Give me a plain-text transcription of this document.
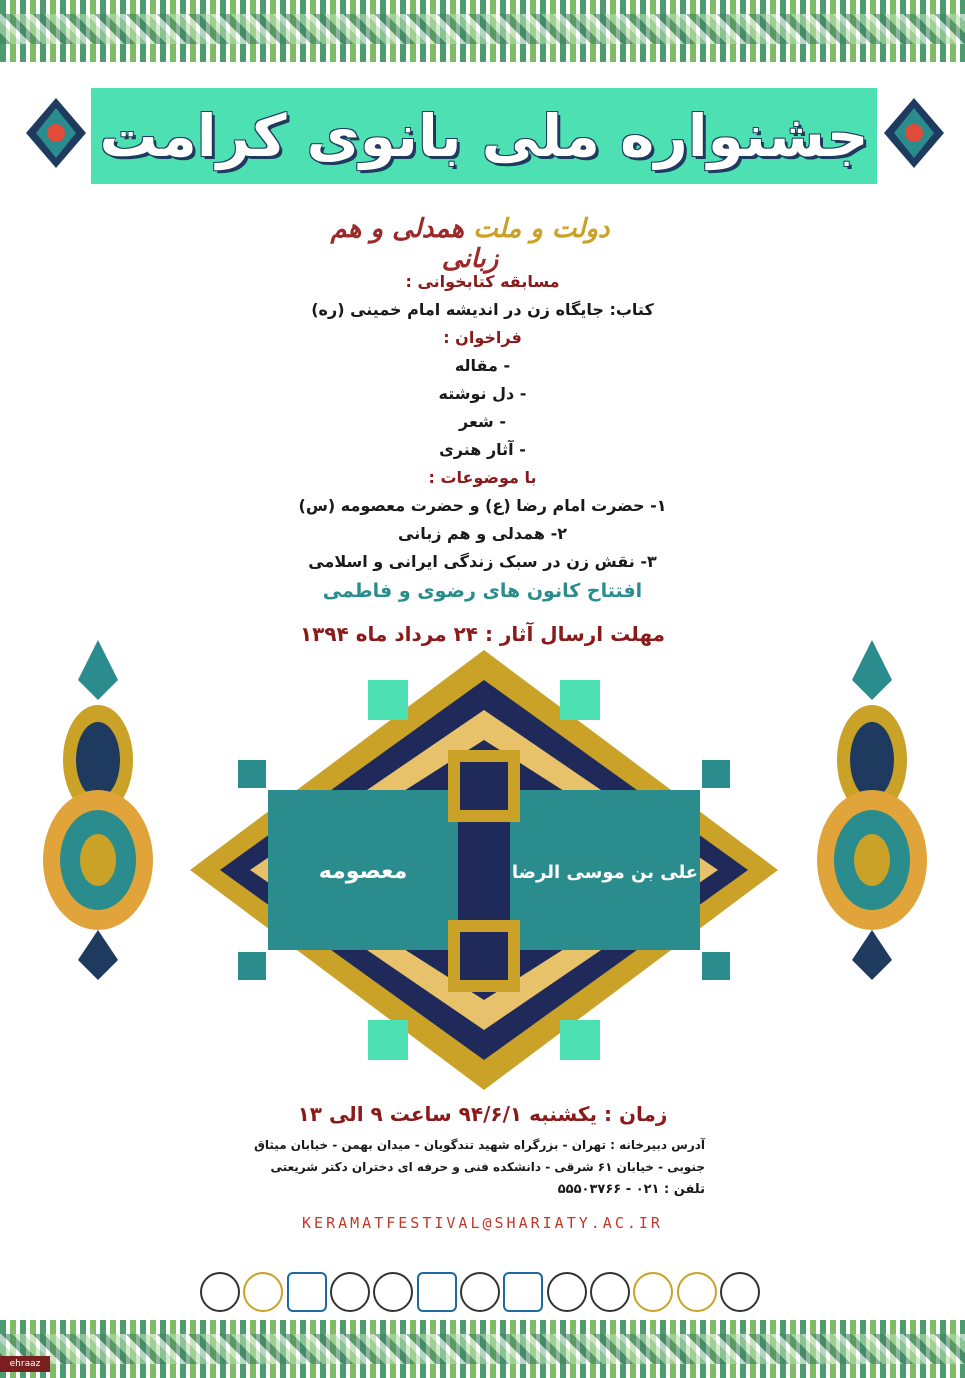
جشنواره ملی بانوی کرامت
دولت و ملت همدلی و هم زبانی
مسابقه کتابخوانی :
کتاب: جایگاه زن در اندیشه امام خمینی (ره)
فراخوان :
- مقاله
- دل نوشته
- شعر
- آثار هنری
با موضوعات :
۱- حضرت امام رضا (ع) و حضرت معصومه (س)
۲- همدلی و هم زبانی
۳- نقش زن در سبک زندگی ایرانی و اسلامی
افتتاح کانون های رضوی و فاطمی
مهلت ارسال آثار : ۲۴ مرداد ماه ۱۳۹۴
معصومه	علی بن موسی الرضا
زمان : یکشنبه ۹۴/۶/۱ ساعت ۹ الی ۱۳
آدرس دبیرخانه : تهران - بزرگراه شهید تندگویان - میدان بهمن - خیابان میثاق
جنوبی - خیابان ۶۱ شرقی - دانشکده فنی و حرفه ای دختران دکتر شریعتی
تلفن : ۰۲۱ - ۵۵۵۰۳۷۶۶
KERAMATFESTIVAL@SHARIATY.AC.IR
ehraaz
